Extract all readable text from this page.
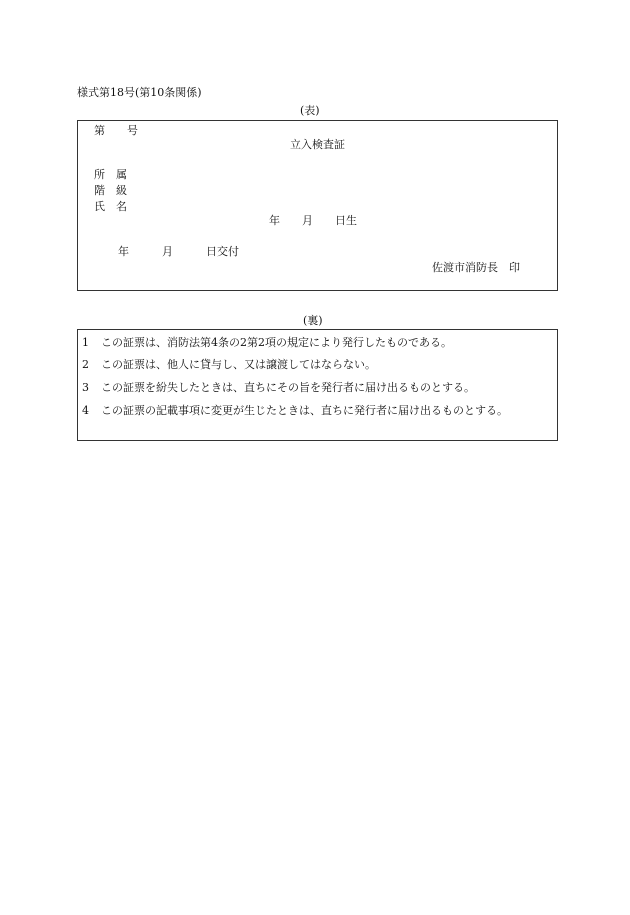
様式第18号(第10条関係)
(表)
第　　号
立入検査証
所　属
階　級
氏　名
年　　月　　日生
年　　　月　　　日交付
佐渡市消防長　印
(裏)
1 この証票は、消防法第4条の2第2項の規定により発行したものである。
2 この証票は、他人に貸与し、又は譲渡してはならない。
3 この証票を紛失したときは、直ちにその旨を発行者に届け出るものとする。
4 この証票の記載事項に変更が生じたときは、直ちに発行者に届け出るものとする。
